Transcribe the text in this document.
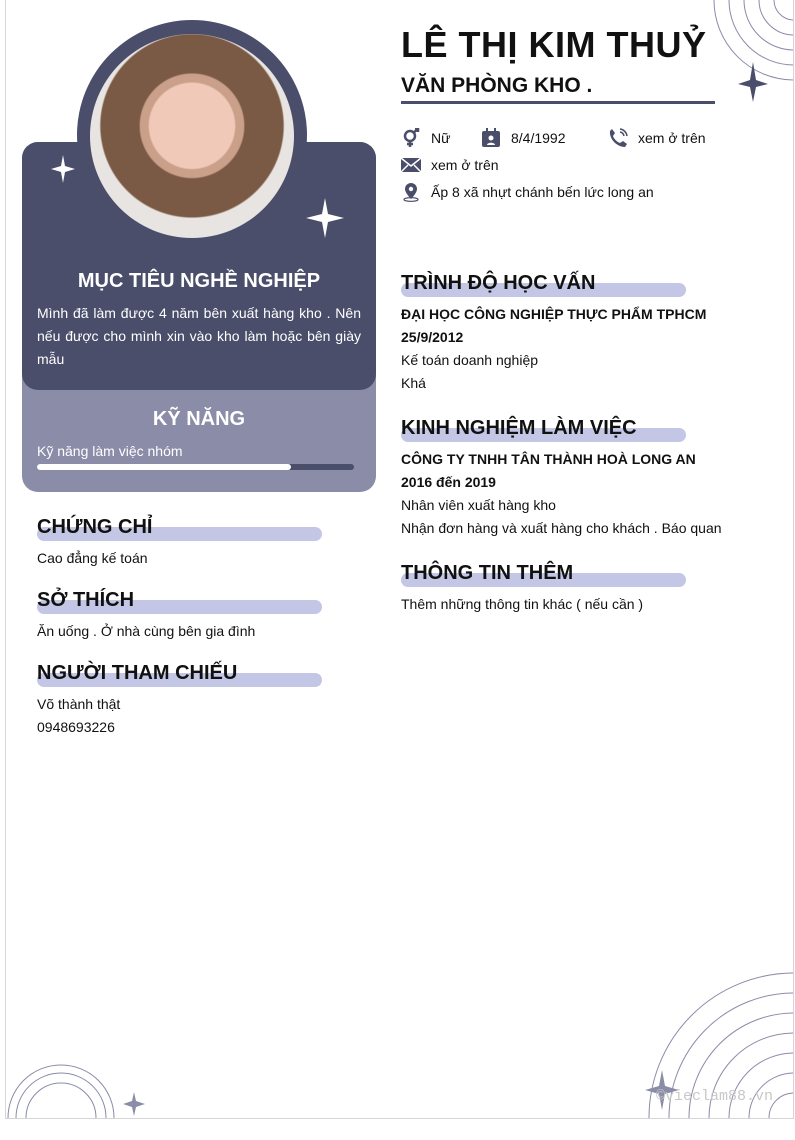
©vieclam88.vn
LÊ THỊ KIM THUỶ
VĂN PHÒNG KHO .
Nữ	8/4/1992	xem ở trên
xem ở trên
Ấp 8 xã nhựt chánh bến lức long an
MỤC TIÊU NGHỀ NGHIỆP
Mình đã làm được 4 năm bên xuất hàng kho . Nên nếu được cho mình xin vào kho làm hoặc bên giày mẫu
KỸ NĂNG
Kỹ năng làm việc nhóm
CHỨNG CHỈ
Cao đẳng kế toán
SỞ THÍCH
Ăn uống . Ở nhà cùng bên gia đình
NGƯỜI THAM CHIẾU
Võ thành thật
0948693226
TRÌNH ĐỘ HỌC VẤN
ĐẠI HỌC CÔNG NGHIỆP THỰC PHẨM TPHCM
25/9/2012
Kế toán doanh nghiệp
Khá
KINH NGHIỆM LÀM VIỆC
CÔNG TY TNHH TÂN THÀNH HOÀ LONG AN
2016 đến 2019
Nhân viên xuất hàng kho
Nhận đơn hàng và xuất hàng cho khách . Báo quan
THÔNG TIN THÊM
Thêm những thông tin khác ( nếu cần )
